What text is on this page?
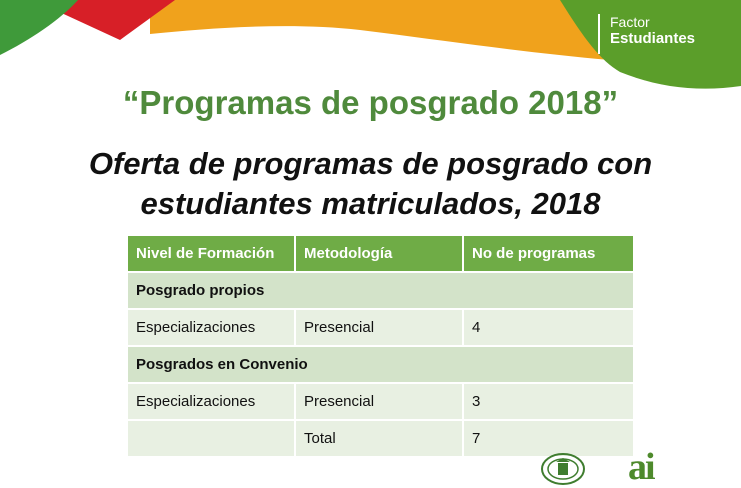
Factor
Estudiantes
“Programas de posgrado 2018”
Oferta de programas de posgrado con
estudiantes matriculados, 2018
Nivel de Formación	Metodología	No de programas
Posgrado propios		
Especializaciones	Presencial	4
Posgrados en Convenio		
Especializaciones	Presencial	3
	Total	7
ai
